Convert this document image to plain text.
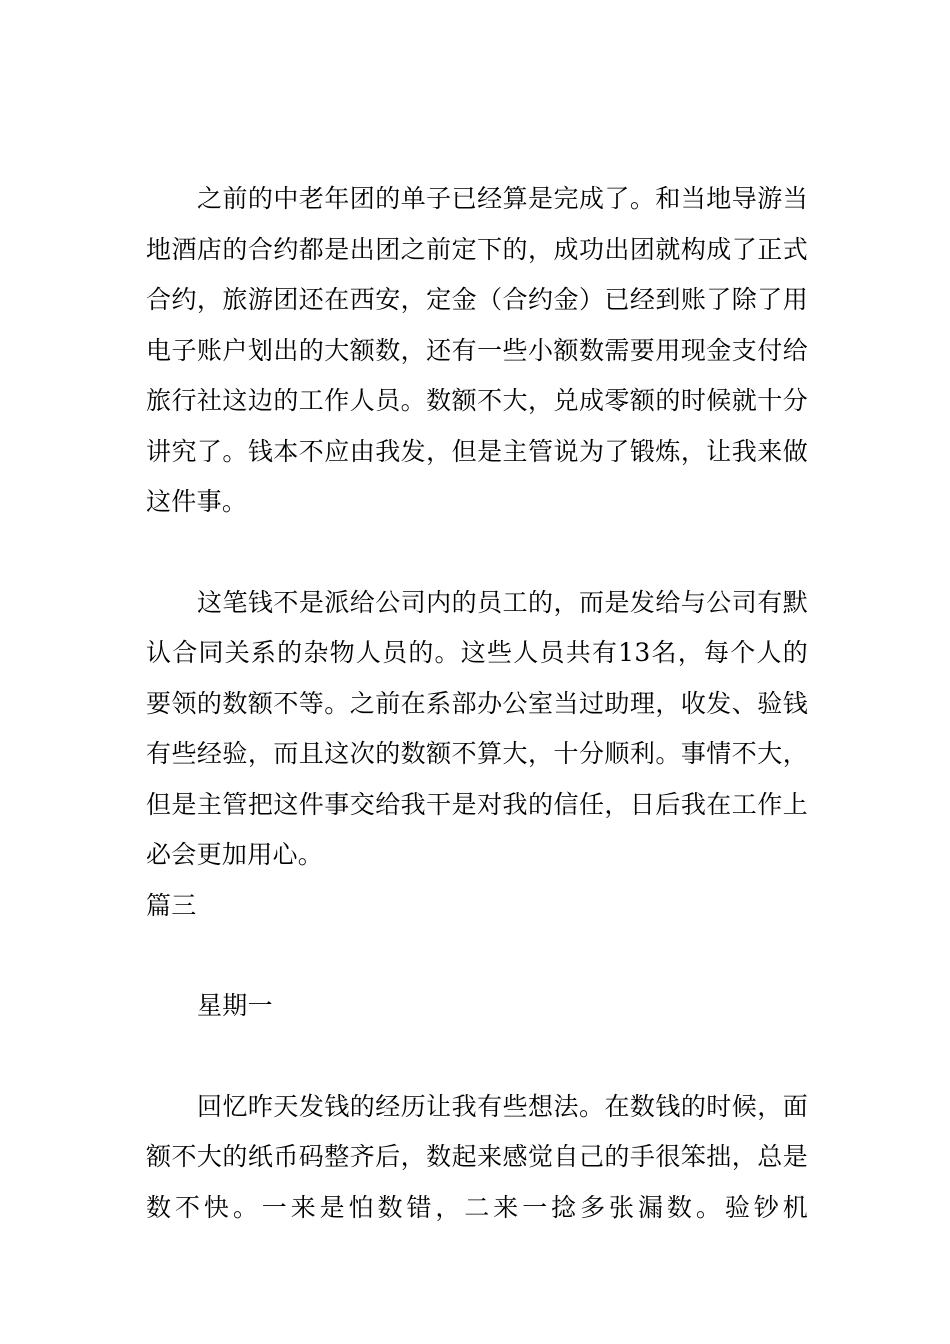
之前的中老年团的单子已经算是完成了。和当地导游当地酒店的合约都是出团之前定下的，成功出团就构成了正式合约，旅游团还在西安，定金（合约金）已经到账了除了用电子账户划出的大额数，还有一些小额数需要用现金支付给旅行社这边的工作人员。数额不大，兑成零额的时候就十分讲究了。钱本不应由我发，但是主管说为了锻炼，让我来做这件事。

这笔钱不是派给公司内的员工的，而是发给与公司有默认合同关系的杂物人员的。这些人员共有13名，每个人的要领的数额不等。之前在系部办公室当过助理，收发、验钱有些经验，而且这次的数额不算大，十分顺利。事情不大，但是主管把这件事交给我干是对我的信任，日后我在工作上必会更加用心。

篇三

星期一

回忆昨天发钱的经历让我有些想法。在数钱的时候，面额不大的纸币码整齐后，数起来感觉自己的手很笨拙，总是数不快。一来是怕数错，二来一捻多张漏数。验钞机
